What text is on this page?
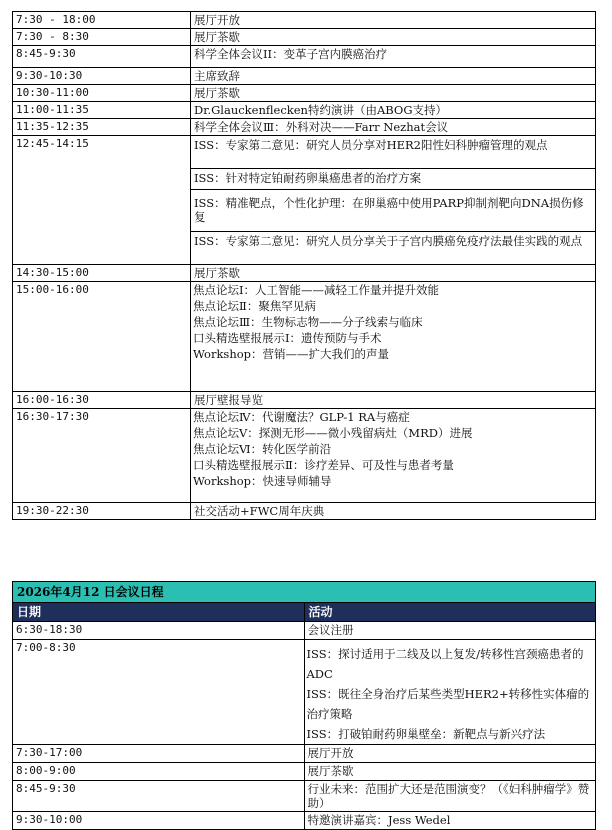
7:30 - 18:00	展厅开放
7:30 - 8:30	展厅茶歇
8:45-9:30	科学全体会议II：变革子宫内膜癌治疗
9:30-10:30	主席致辞
10:30-11:00	展厅茶歇
11:00-11:35	Dr.Glauckenflecken特约演讲（由ABOG支持）
11:35-12:35	科学全体会议Ⅲ：外科对决——Farr Nezhat会议
12:45-14:15	ISS：专家第二意见：研究人员分享对HER2阳性妇科肿瘤管理的观点
ISS：针对特定铂耐药卵巢癌患者的治疗方案
ISS：精准靶点，个性化护理：在卵巢癌中使用PARP抑制剂靶向DNA损伤修复
ISS：专家第二意见：研究人员分享关于子宫内膜癌免疫疗法最佳实践的观点

14:30-15:00	展厅茶歇
15:00-16:00	焦点论坛I：人工智能——减轻工作量并提升效能
焦点论坛Ⅱ：聚焦罕见病
焦点论坛Ⅲ：生物标志物——分子线索与临床
口头精选壁报展示I：遗传预防与手术
Workshop：营销——扩大我们的声量

16:00-16:30	展厅壁报导览
16:30-17:30	焦点论坛Ⅳ：代谢魔法？GLP-1 RA与癌症
焦点论坛V：探测无形——微小残留病灶（MRD）进展
焦点论坛Ⅵ：转化医学前沿
口头精选壁报展示Ⅱ：诊疗差异、可及性与患者考量
Workshop：快速导师辅导

19:30-22:30	社交活动+FWC周年庆典
2026年4月12 日会议日程	
日期	活动
6:30-18:30	会议注册
7:00-8:30	ISS：探讨适用于二线及以上复发/转移性宫颈癌患者的ADC
ISS：既往全身治疗后某些类型HER2+转移性实体瘤的治疗策略
ISS：打破铂耐药卵巢壁垒：新靶点与新兴疗法

7:30-17:00	展厅开放
8:00-9:00	展厅茶歇
8:45-9:30	行业未来：范围扩大还是范围演变？（《妇科肿瘤学》赞助）
9:30-10:00	特邀演讲嘉宾：Jess Wedel
